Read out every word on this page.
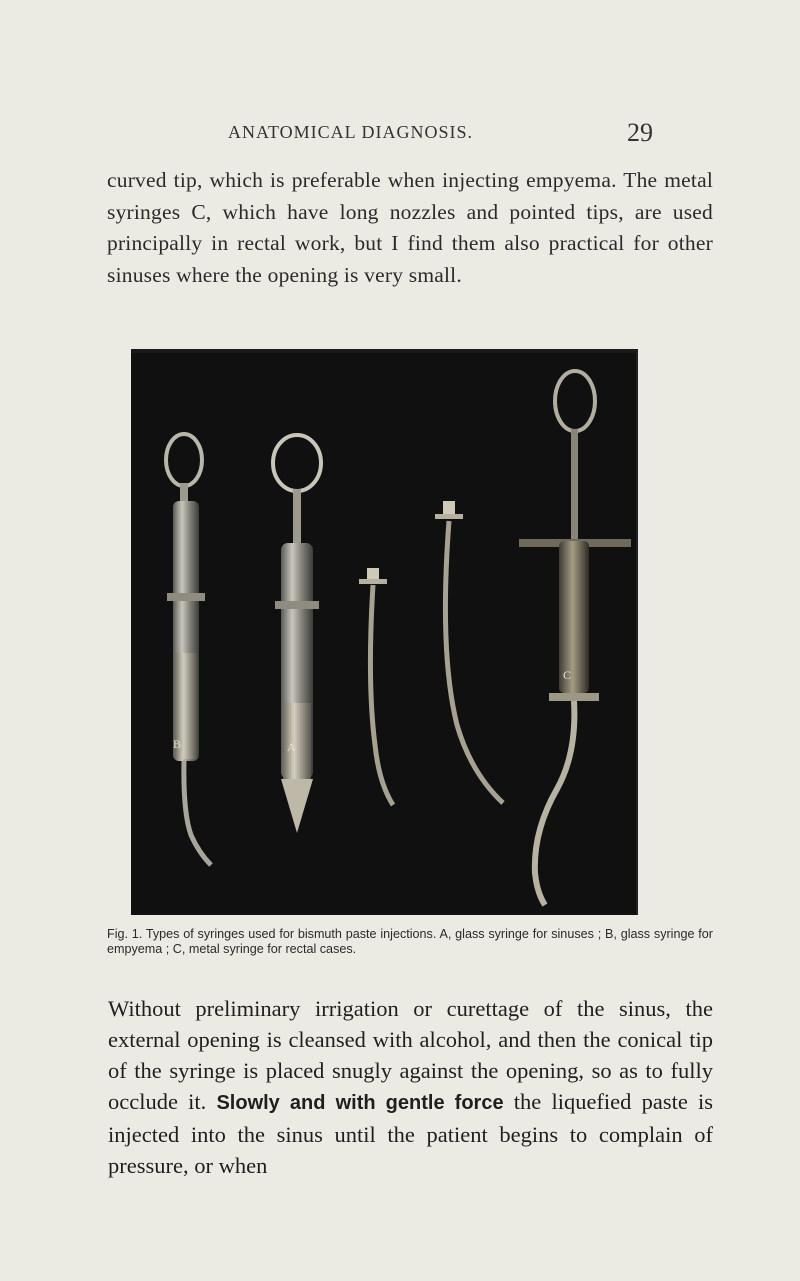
ANATOMICAL DIAGNOSIS.	29

curved tip, which is preferable when injecting empyema. The metal syringes C, which have long nozzles and pointed tips, are used principally in rectal work, but I find them also practical for other sinuses where the opening is very small.

B	A
C

Fig. 1. Types of syringes used for bismuth paste injections. A, glass syringe for sinuses ; B, glass syringe for empyema ; C, metal syringe for rectal cases.

Without preliminary irrigation or curettage of the sinus, the external opening is cleansed with alcohol, and then the conical tip of the syringe is placed snugly against the opening, so as to fully occlude it. Slowly and with gentle force the liquefied paste is injected into the sinus until the patient begins to complain of pressure, or when
